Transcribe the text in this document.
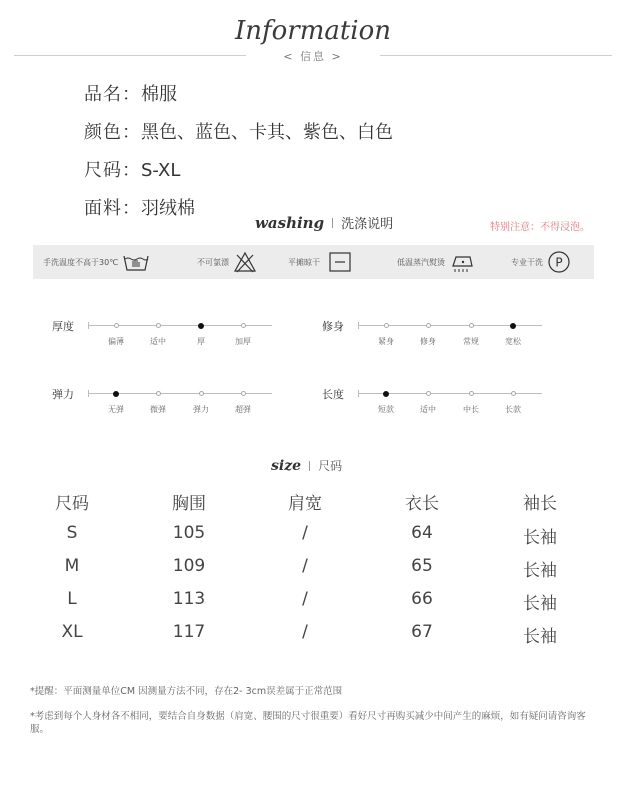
Information
< 信息 >
品名：棉服
颜色：黑色、蓝色、卡其、紫色、白色
尺码：S-XL
面料：羽绒棉
washing 洗涤说明	特别注意：不得浸泡。
手洗温度不高于30℃	不可氯漂	平摊晾干	低温蒸汽熨烫	专业干洗 P
厚度
偏薄	适中	厚	加厚
修身
紧身	修身	常规	宽松
弹力
无弹	微弹	弹力	超弹
长度
短款	适中	中长	长款
size 尺码
尺码	胸围	肩宽	衣长	袖长
S	105	/	64	长袖
M	109	/	65	长袖
L	113	/	66	长袖
XL	117	/	67	长袖
*提醒：平面测量单位CM 因测量方法不同，存在2- 3cm误差属于正常范围
*考虑到每个人身材各不相同，要结合自身数据（肩宽、腰围的尺寸很重要）看好尺寸再购买减少中间产生的麻烦，如有疑问请咨询客服。
